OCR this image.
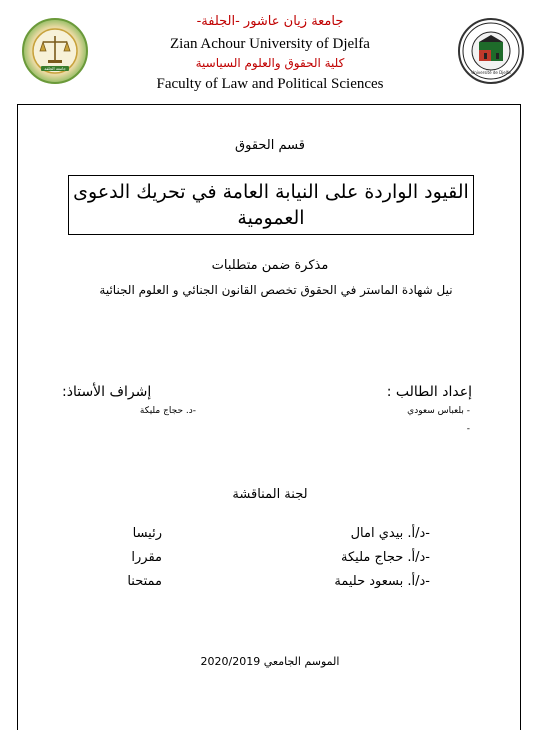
جامعة الجلفة
Université de Djelfa
جامعة زيان عاشور -الجلفة-
Zian Achour University of Djelfa
كلية الحقوق والعلوم السياسية
Faculty of Law and Political Sciences
قسم الحقوق
القيود الواردة على النيابة العامة في تحريك الدعوى
العمومية
مذكرة ضمن متطلبات
نيل شهادة الماستر في الحقوق تخصص القانون الجنائي و العلوم الجنائية
إعداد الطالب :
- بلعباس سعودي
-
إشراف الأستاذ:
-د. حجاج مليكة
لجنة المناقشة
-د/أ. بيدي امال
رئيسا
-د/أ. حجاج مليكة
مقررا
-د/أ. بسعود حليمة
ممتحنا
الموسم الجامعي 2020/2019
